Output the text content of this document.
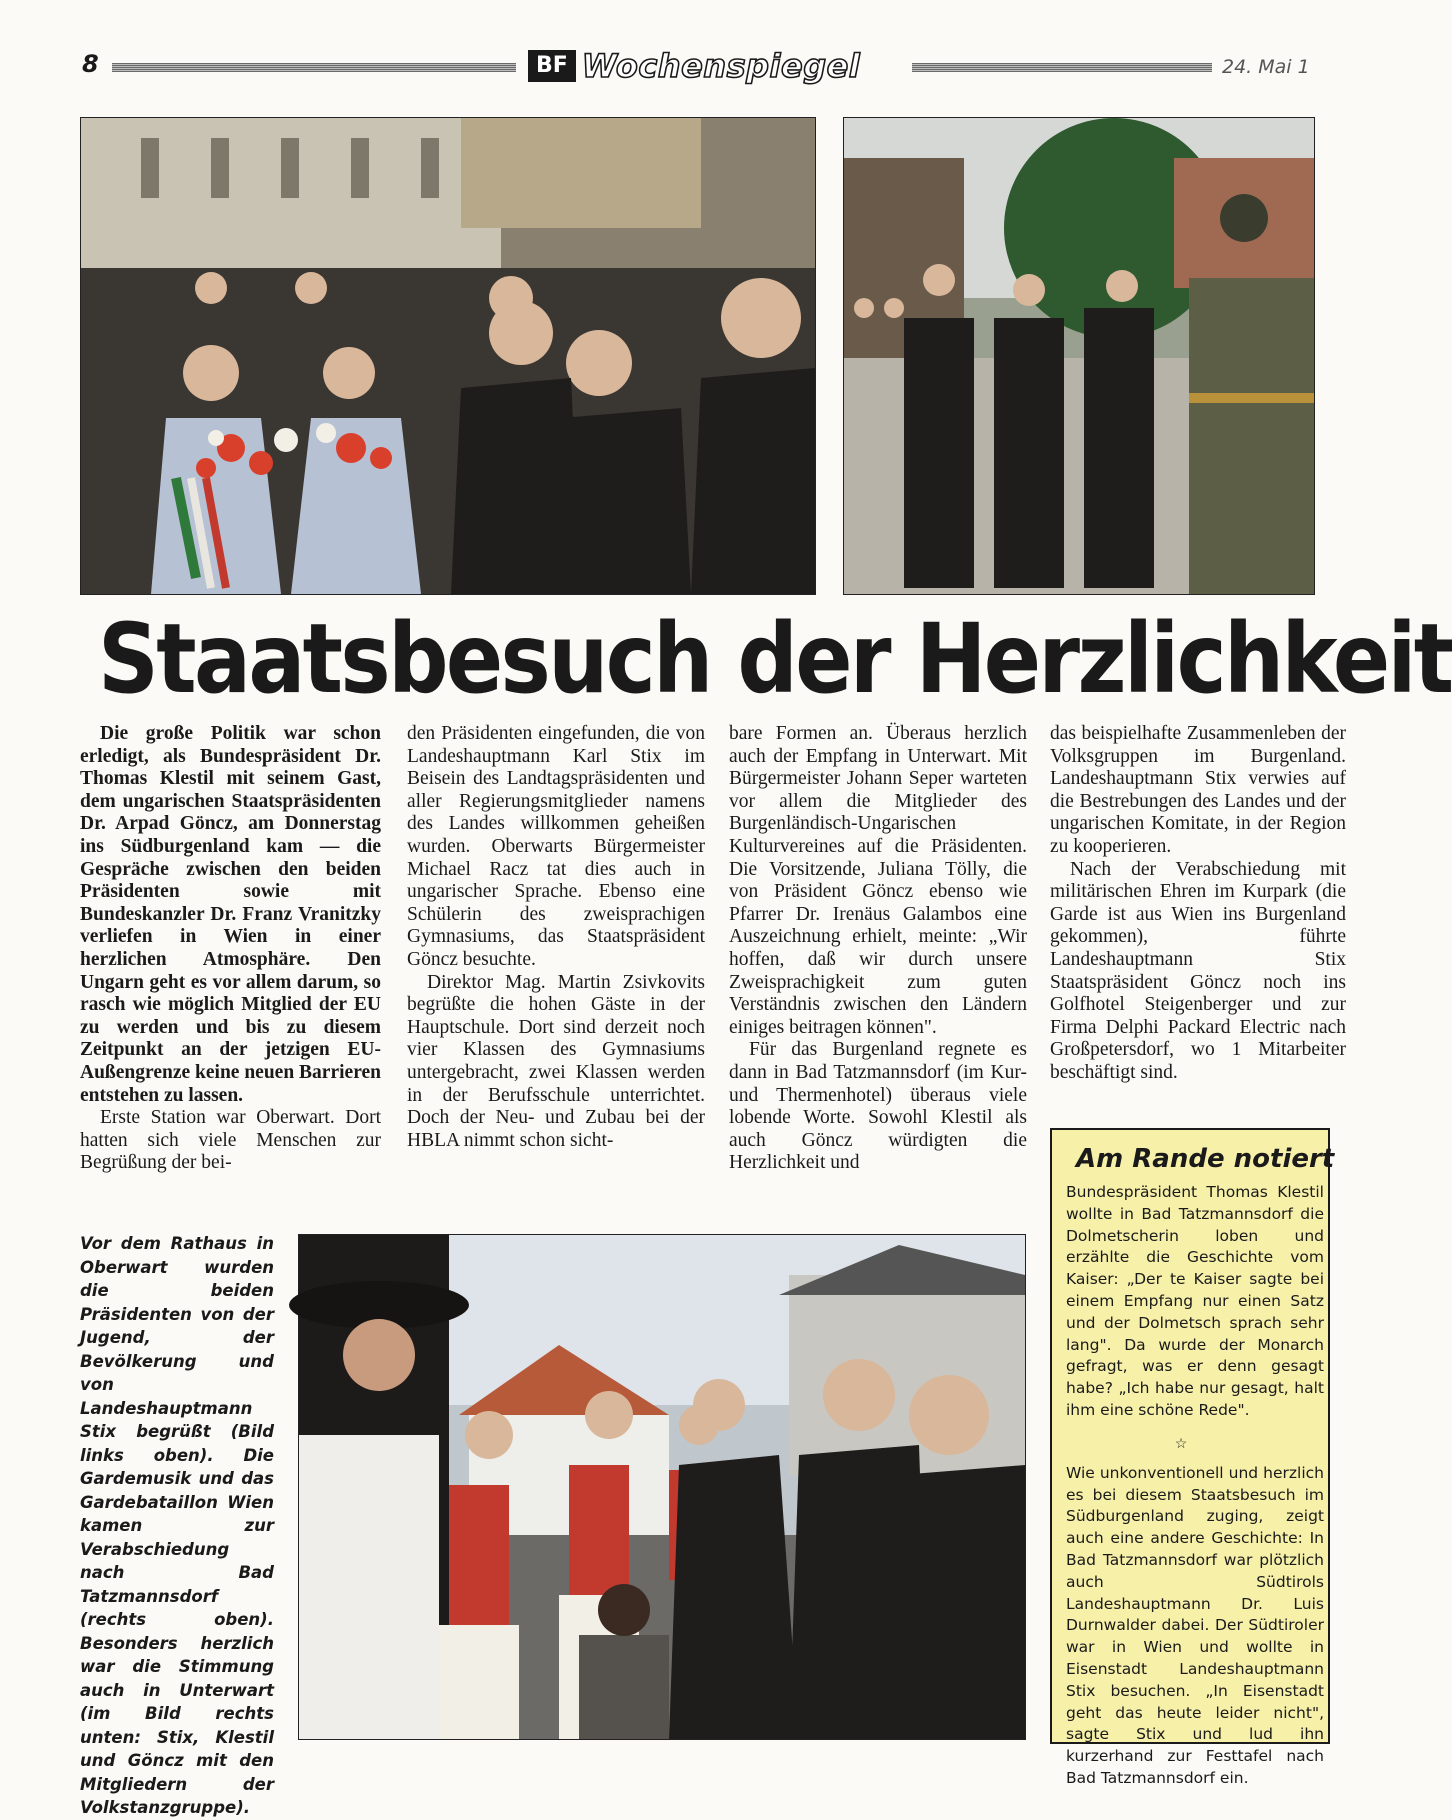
8	BF Wochenspiegel	24. Mai 1
Staatsbesuch der Herzlichkeit

Die große Politik war schon erledigt, als Bundespräsident Dr. Thomas Klestil mit seinem Gast, dem ungarischen Staatspräsidenten Dr. Arpad Göncz, am Donnerstag ins Südburgenland kam — die Gespräche zwischen den beiden Präsidenten sowie mit Bundeskanzler Dr. Franz Vranitzky verliefen in Wien in einer herzlichen Atmosphäre. Den Ungarn geht es vor allem darum, so rasch wie möglich Mitglied der EU zu werden und bis zu diesem Zeitpunkt an der jetzigen EU-Außengrenze keine neuen Barrieren entstehen zu lassen.

Erste Station war Oberwart. Dort hatten sich viele Menschen zur Begrüßung der bei-

den Präsidenten eingefunden, die von Landeshauptmann Karl Stix im Beisein des Landtagspräsidenten und aller Regierungsmitglieder namens des Landes willkommen geheißen wurden. Oberwarts Bürgermeister Michael Racz tat dies auch in ungarischer Sprache. Ebenso eine Schülerin des zweisprachigen Gymnasiums, das Staatspräsident Göncz besuchte.

Direktor Mag. Martin Zsivkovits begrüßte die hohen Gäste in der Hauptschule. Dort sind derzeit noch vier Klassen des Gymnasiums untergebracht, zwei Klassen werden in der Berufsschule unterrichtet. Doch der Neu- und Zubau bei der HBLA nimmt schon sicht-

bare Formen an. Überaus herzlich auch der Empfang in Unterwart. Mit Bürgermeister Johann Seper warteten vor allem die Mitglieder des Burgenländisch-Ungarischen Kulturvereines auf die Präsidenten. Die Vorsitzende, Juliana Tölly, die von Präsident Göncz ebenso wie Pfarrer Dr. Irenäus Galambos eine Auszeichnung erhielt, meinte: „Wir hoffen, daß wir durch unsere Zweisprachigkeit zum guten Verständnis zwischen den Ländern einiges beitragen können".

Für das Burgenland regnete es dann in Bad Tatzmannsdorf (im Kur- und Thermenhotel) überaus viele lobende Worte. Sowohl Klestil als auch Göncz würdigten die Herzlichkeit und

das beispielhafte Zusammenleben der Volksgruppen im Burgenland. Landeshauptmann Stix verwies auf die Bestrebungen des Landes und der ungarischen Komitate, in der Region zu kooperieren.

Nach der Verabschiedung mit militärischen Ehren im Kurpark (die Garde ist aus Wien ins Burgenland gekommen), führte Landeshauptmann Stix Staatspräsident Göncz noch ins Golfhotel Steigenberger und zur Firma Delphi Packard Electric nach Großpetersdorf, wo 1 Mitarbeiter beschäftigt sind.

Vor dem Rathaus in Oberwart wurden die beiden Präsidenten von der Jugend, der Bevölkerung und von Landeshauptmann Stix begrüßt (Bild links oben). Die Gardemusik und das Gardebataillon Wien kamen zur Verabschiedung nach Bad Tatzmannsdorf (rechts oben). Besonders herzlich war die Stimmung auch in Unterwart (im Bild rechts unten: Stix, Klestil und Göncz mit den Mitgliedern der Volkstanzgruppe).
Am Rande notiert
Bundespräsident Thomas Klestil wollte in Bad Tatzmannsdorf die Dolmetscherin loben und erzählte die Geschichte vom Kaiser: „Der te Kaiser sagte bei einem Empfang nur einen Satz und der Dolmetsch sprach sehr lang". Da wurde der Monarch gefragt, was er denn gesagt habe? „Ich habe nur gesagt, halt ihm eine schöne Rede".
☆
Wie unkonventionell und herzlich es bei diesem Staatsbesuch im Südburgenland zuging, zeigt auch eine andere Geschichte: In Bad Tatzmannsdorf war plötzlich auch Südtirols Landeshauptmann Dr. Luis Durnwalder dabei. Der Südtiroler war in Wien und wollte in Eisenstadt Landeshauptmann Stix besuchen. „In Eisenstadt geht das heute leider nicht", sagte Stix und lud ihn kurzerhand zur Festtafel nach Bad Tatzmannsdorf ein.
